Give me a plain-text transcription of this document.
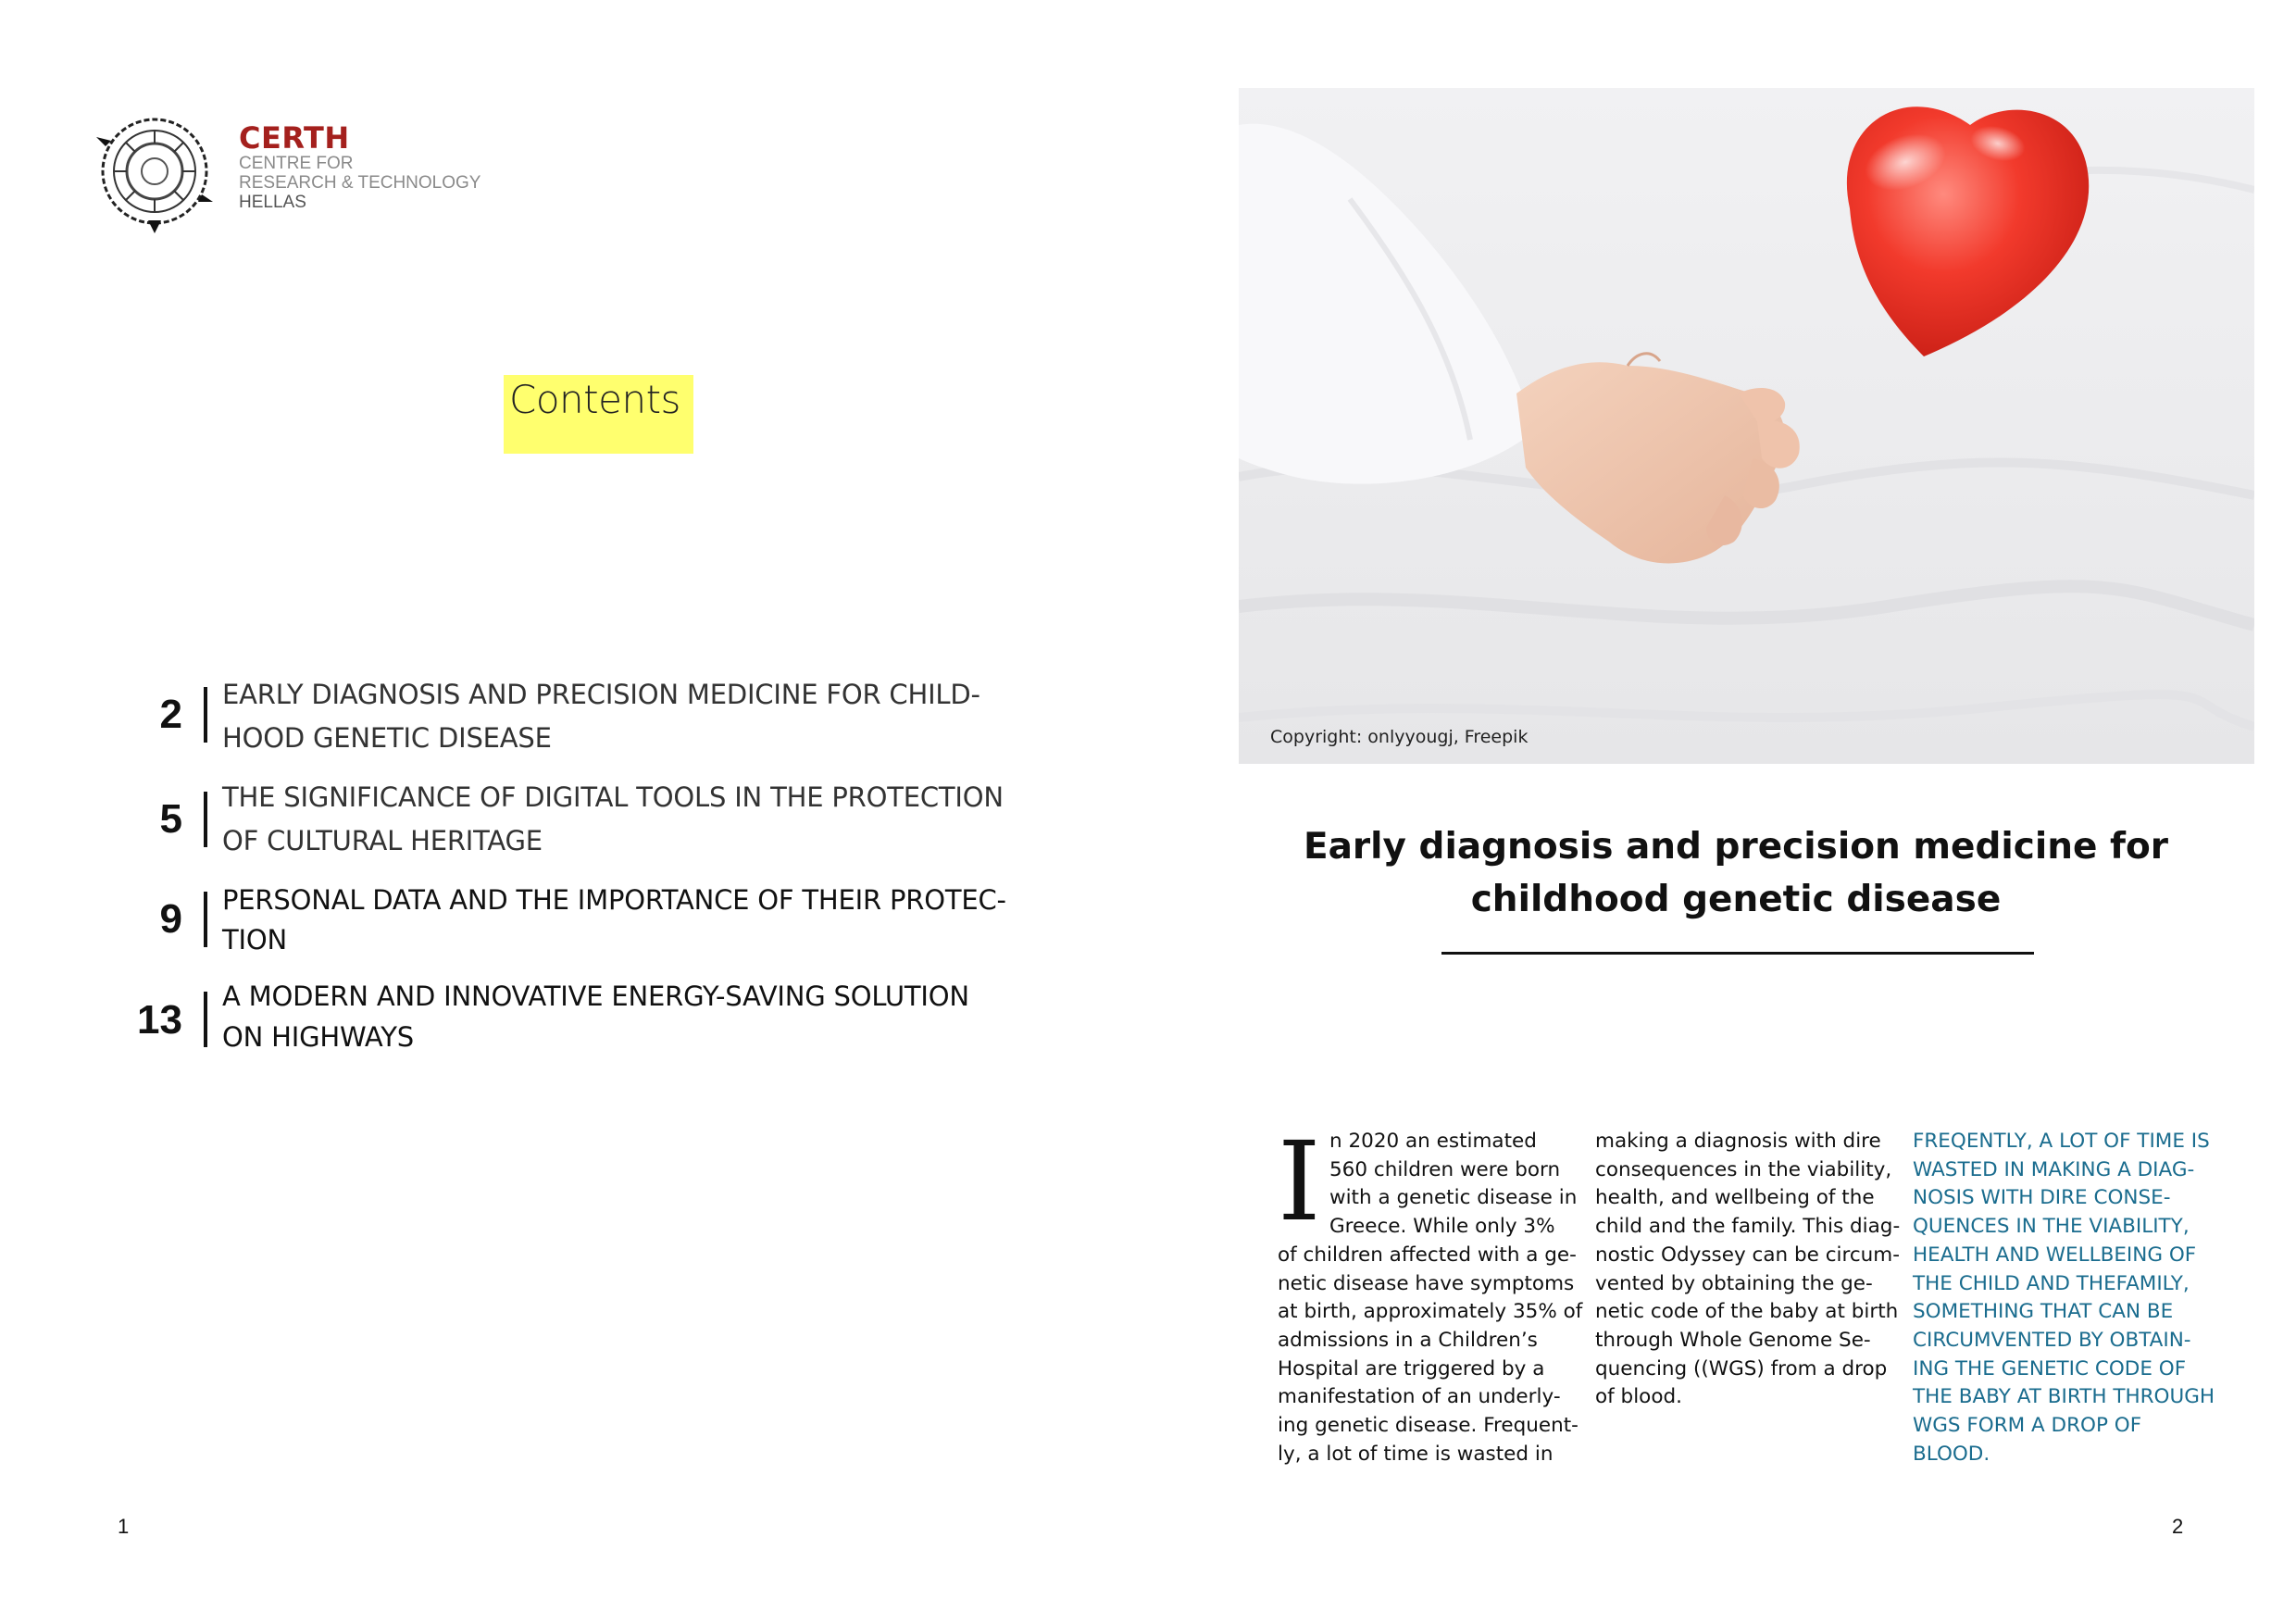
CERTH
CENTRE FOR
RESEARCH & TECHNOLOGY
HELLAS
Contents
2 EARLY DIAGNOSIS AND PRECISION MEDICINE FOR CHILD-
HOOD GENETIC DISEASE
5 THE SIGNIFICANCE OF DIGITAL TOOLS IN THE PROTECTION
OF CULTURAL HERITAGE
9 PERSONAL DATA AND THE IMPORTANCE OF THEIR PROTEC-
TION
13
A MODERN AND INNOVATIVE ENERGY-SAVING SOLUTION
ON HIGHWAYS
1
Copyright: onlyyougj, Freepik
Early diagnosis and precision medicine for
childhood genetic disease
I n 2020 an estimated
560 children were born
with a genetic disease in
Greece. While only 3%
of children affected with a ge-
netic disease have symptoms
at birth, approximately 35% of
admissions in a Children’s
Hospital are triggered by a
manifestation of an underly-
ing genetic disease. Frequent-
ly, a lot of time is wasted in
making a diagnosis with dire
consequences in the viability,
health, and wellbeing of the
child and the family. This diag-
nostic Odyssey can be circum-
vented by obtaining the ge-
netic code of the baby at birth
through Whole Genome Se-
quencing ((WGS) from a drop
of blood.
FREQENTLY, A LOT OF TIME IS
WASTED IN MAKING A DIAG-
NOSIS WITH DIRE CONSE-
QUENCES IN THE VIABILITY,
HEALTH AND WELLBEING OF
THE CHILD AND THEFAMILY,
SOMETHING THAT CAN BE
CIRCUMVENTED BY OBTAIN-
ING THE GENETIC CODE OF
THE BABY AT BIRTH THROUGH
WGS FORM A DROP OF
BLOOD.
2
